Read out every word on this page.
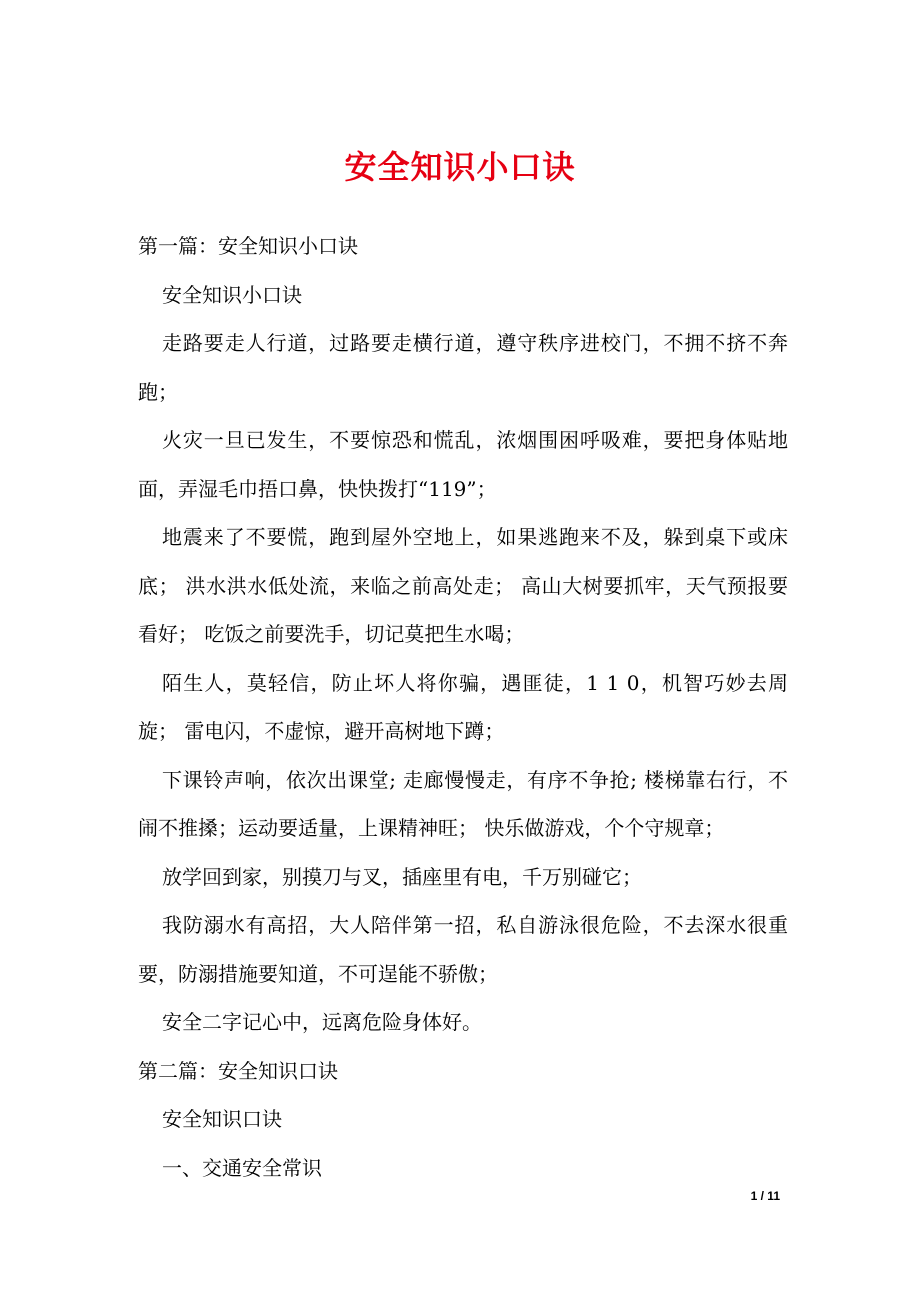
安全知识小口诀

第一篇：安全知识小口诀

安全知识小口诀

走路要走人行道，过路要走横行道，遵守秩序进校门，不拥不挤不奔跑；

火灾一旦已发生，不要惊恐和慌乱，浓烟围困呼吸难，要把身体贴地面，弄湿毛巾捂口鼻，快快拨打“119”；

地震来了不要慌，跑到屋外空地上，如果逃跑来不及，躲到桌下或床底； 洪水洪水低处流，来临之前高处走； 高山大树要抓牢，天气预报要看好； 吃饭之前要洗手，切记莫把生水喝；

陌生人，莫轻信，防止坏人将你骗，遇匪徒，1 1 0，机智巧妙去周旋； 雷电闪，不虚惊，避开高树地下蹲；

下课铃声响，依次出课堂; 走廊慢慢走，有序不争抢; 楼梯靠右行，不闹不推搡；运动要适量，上课精神旺； 快乐做游戏，个个守规章；

放学回到家，别摸刀与叉，插座里有电，千万别碰它；

我防溺水有高招，大人陪伴第一招，私自游泳很危险，不去深水很重要，防溺措施要知道，不可逞能不骄傲；

安全二字记心中，远离危险身体好。

第二篇：安全知识口诀

安全知识口诀

一、交通安全常识

1 / 11
